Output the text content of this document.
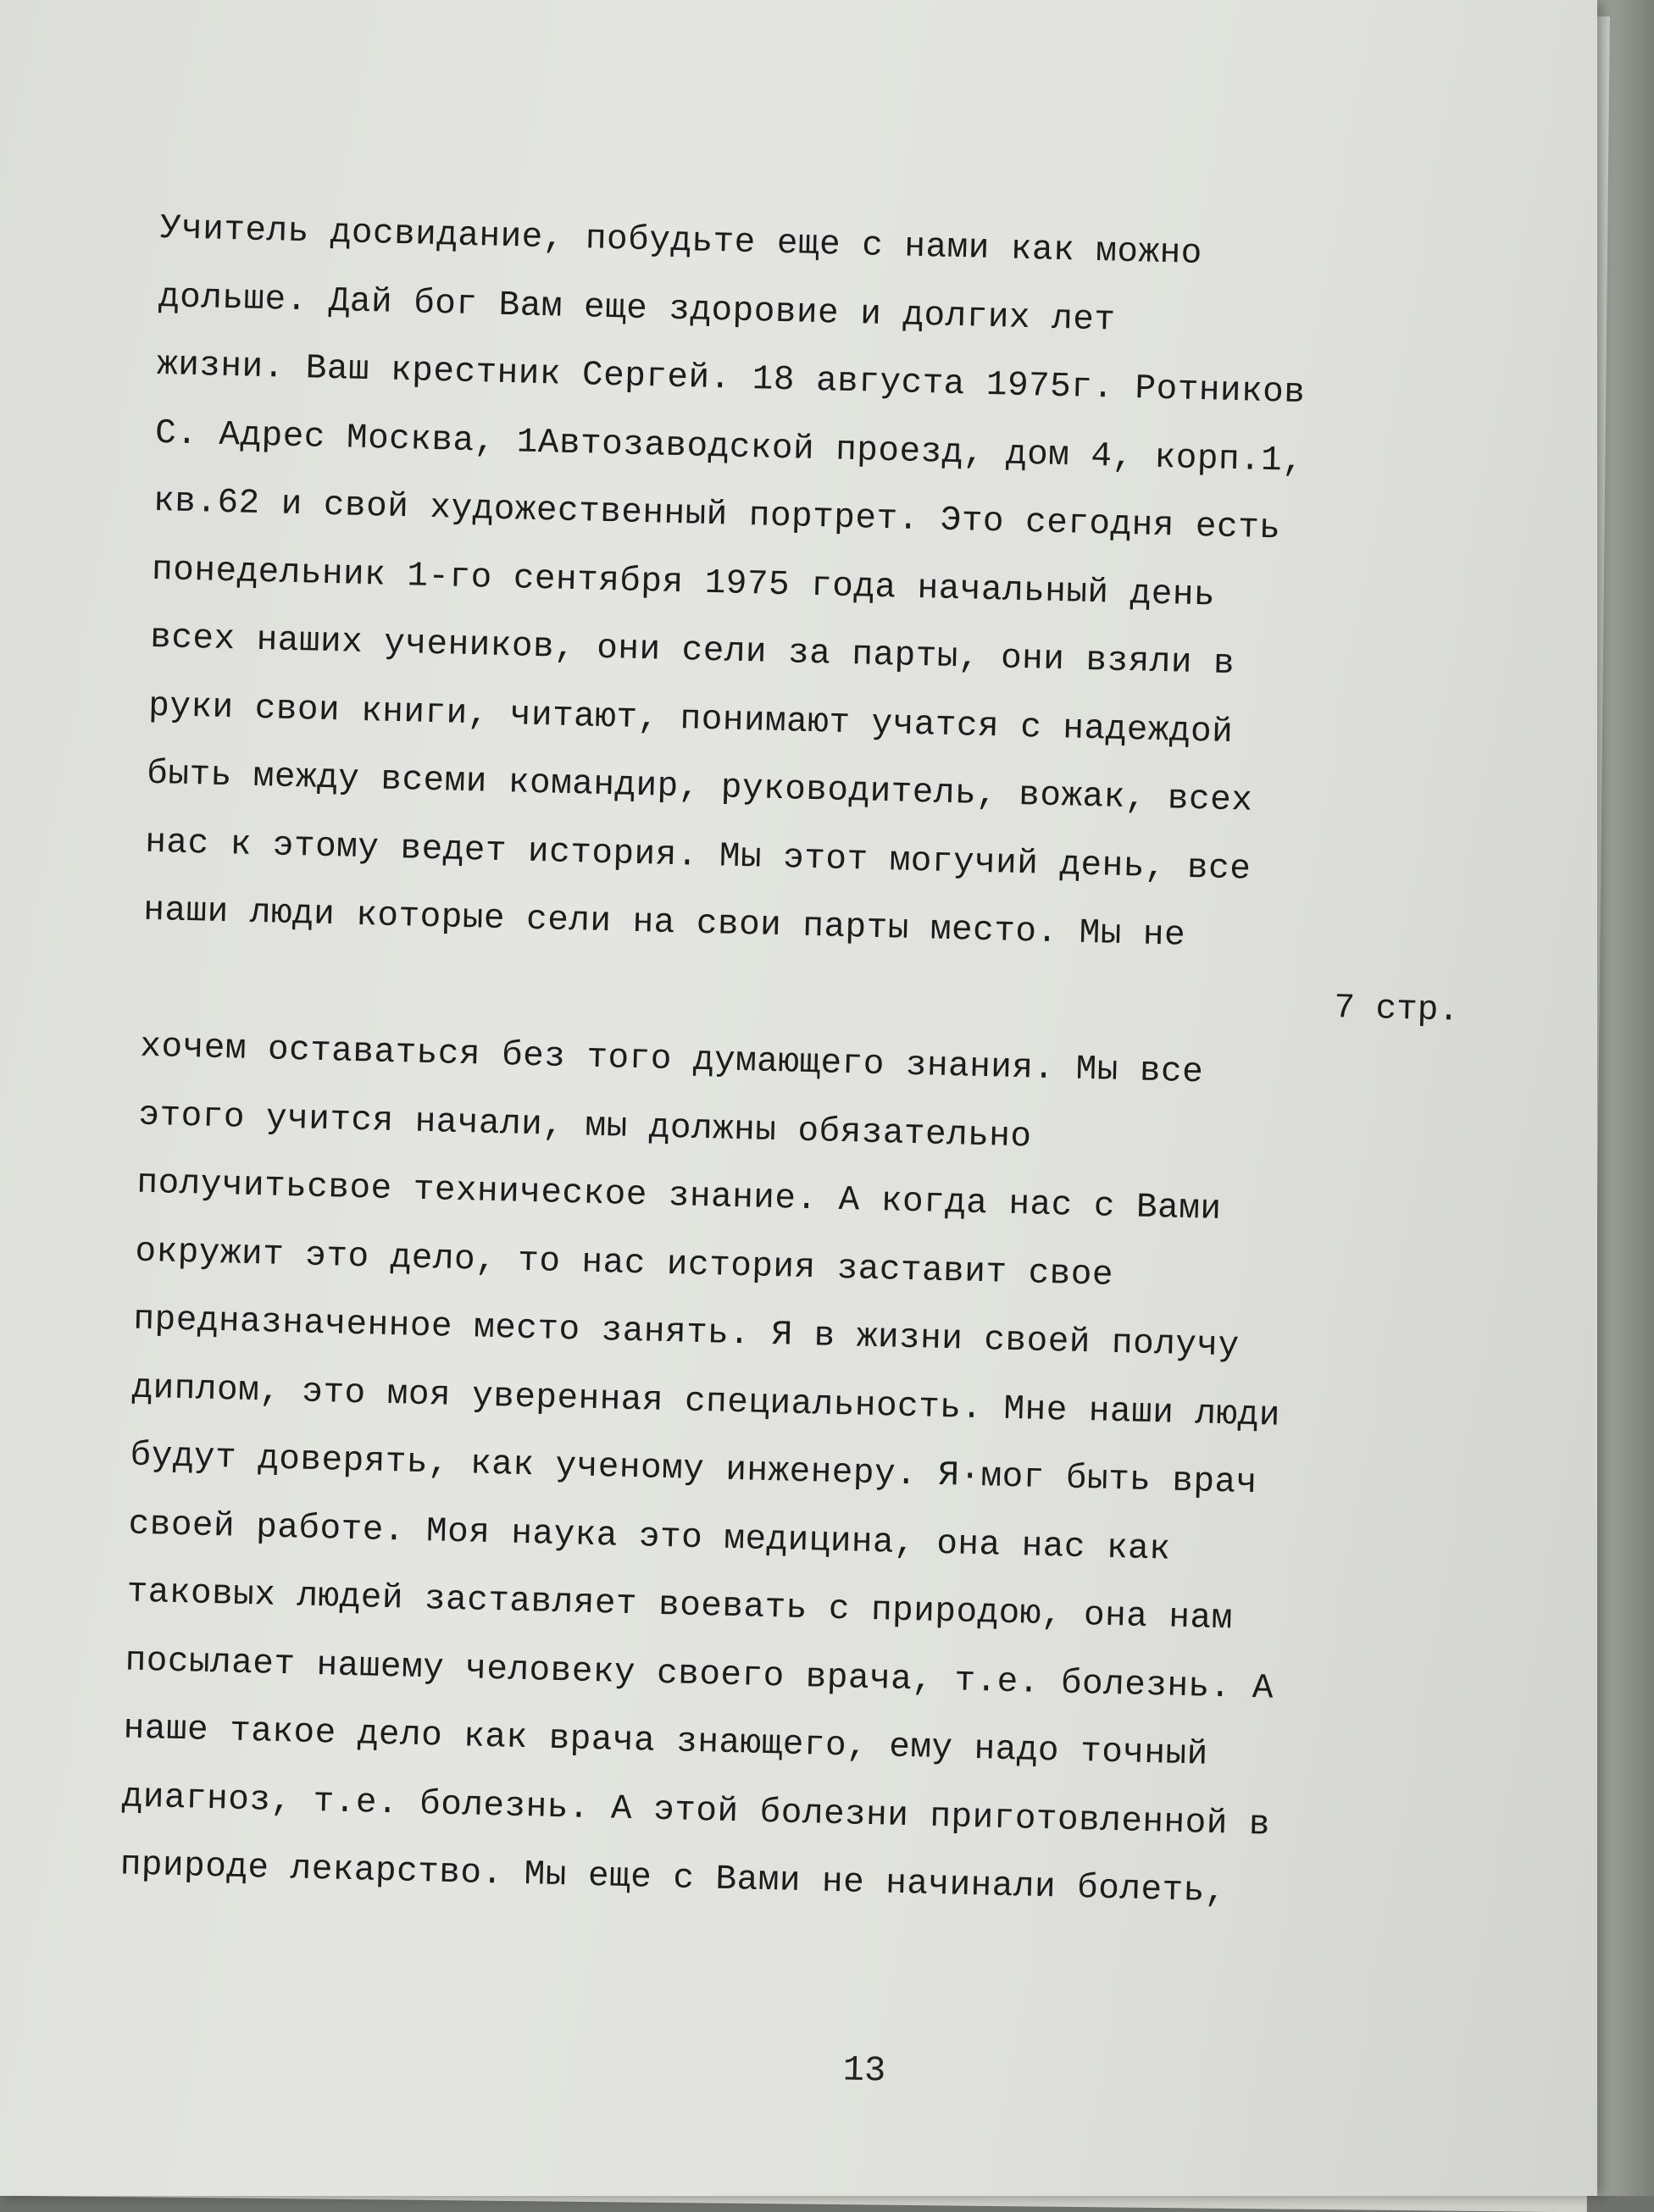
Учитель досвидание, побудьте еще с нами как можно
дольше. Дай бог Вам еще здоровие и долгих лет
жизни. Ваш крестник Сергей. 18 августа 1975г. Ротников
С. Адрес Москва, 1Автозаводской проезд, дом 4, корп.1,
кв.62 и свой художественный портрет. Это сегодня есть
понедельник 1-го сентября 1975 года начальный день
всех наших учеников, они сели за парты, они взяли в
руки свои книги, читают, понимают учатся с надеждой
быть между всеми командир, руководитель, вожак, всех
нас к этому ведет история. Мы этот могучий день, все
наши люди которые сели на свои парты место. Мы не
7 стр.
хочем оставаться без того думающего знания. Мы все
этого учится начали, мы должны обязательно
получитьсвое техническое знание. А когда нас с Вами
окружит это дело, то нас история заставит свое
предназначенное место занять. Я в жизни своей получу
диплом, это моя уверенная специальность. Мне наши люди
будут доверять, как ученому инженеру. Я·мог быть врач
своей работе. Моя наука это медицина, она нас как
таковых людей заставляет воевать с природою, она нам
посылает нашему человеку своего врача, т.е. болезнь. А
наше такое дело как врача знающего, ему надо точный
диагноз, т.е. болезнь. А этой болезни приготовленной в
природе лекарство. Мы еще с Вами не начинали болеть,
13
